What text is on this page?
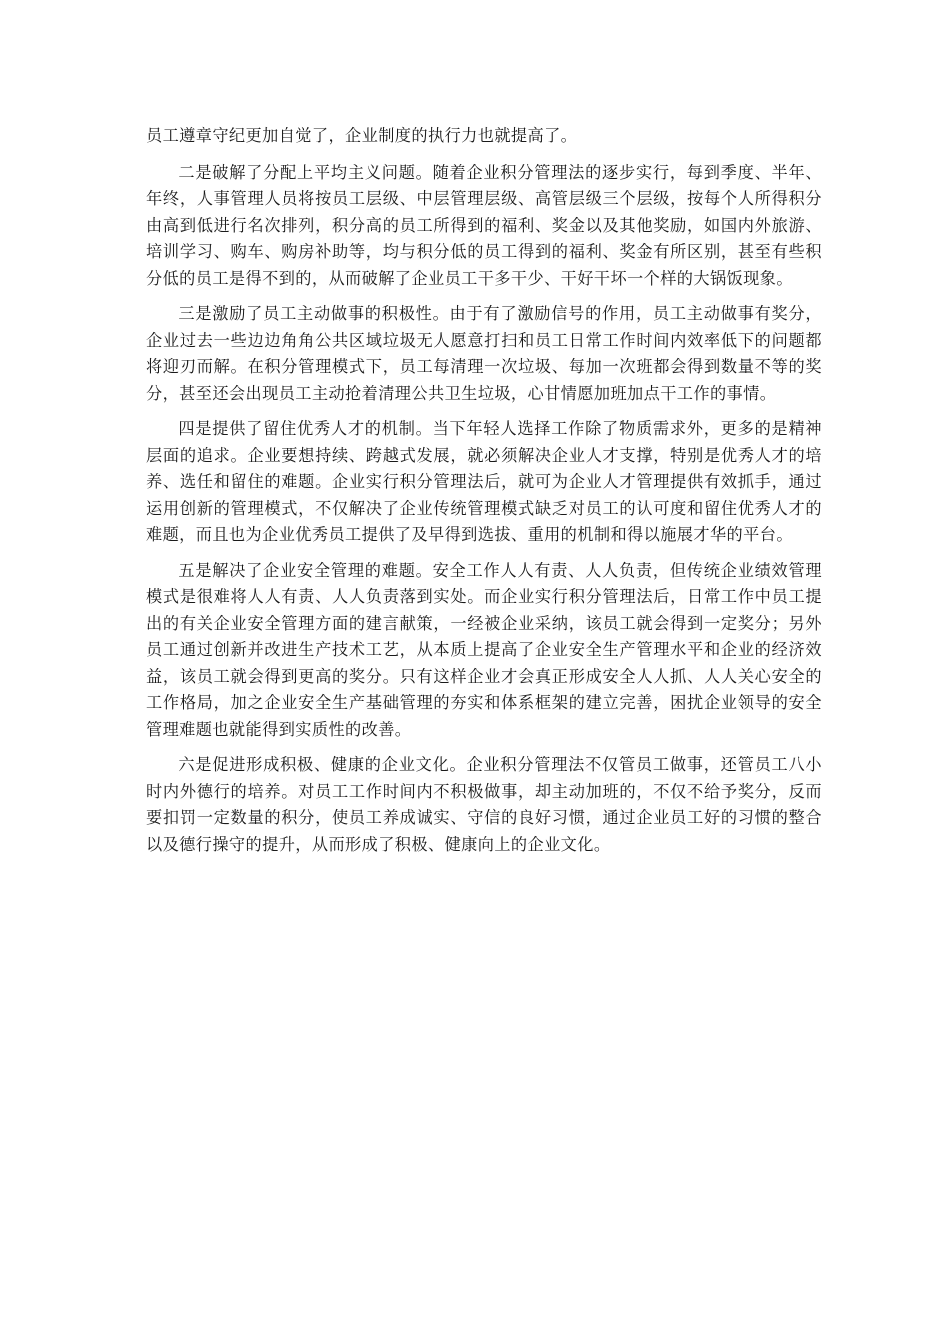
员工遵章守纪更加自觉了，企业制度的执行力也就提高了。

二是破解了分配上平均主义问题。随着企业积分管理法的逐步实行，每到季度、半年、年终，人事管理人员将按员工层级、中层管理层级、高管层级三个层级，按每个人所得积分由高到低进行名次排列，积分高的员工所得到的福利、奖金以及其他奖励，如国内外旅游、培训学习、购车、购房补助等，均与积分低的员工得到的福利、奖金有所区别，甚至有些积分低的员工是得不到的，从而破解了企业员工干多干少、干好干坏一个样的大锅饭现象。

三是激励了员工主动做事的积极性。由于有了激励信号的作用，员工主动做事有奖分，企业过去一些边边角角公共区域垃圾无人愿意打扫和员工日常工作时间内效率低下的问题都将迎刃而解。在积分管理模式下，员工每清理一次垃圾、每加一次班都会得到数量不等的奖分，甚至还会出现员工主动抢着清理公共卫生垃圾，心甘情愿加班加点干工作的事情。

四是提供了留住优秀人才的机制。当下年轻人选择工作除了物质需求外，更多的是精神层面的追求。企业要想持续、跨越式发展，就必须解决企业人才支撑，特别是优秀人才的培养、选任和留住的难题。企业实行积分管理法后，就可为企业人才管理提供有效抓手，通过运用创新的管理模式，不仅解决了企业传统管理模式缺乏对员工的认可度和留住优秀人才的难题，而且也为企业优秀员工提供了及早得到选拔、重用的机制和得以施展才华的平台。

五是解决了企业安全管理的难题。安全工作人人有责、人人负责，但传统企业绩效管理模式是很难将人人有责、人人负责落到实处。而企业实行积分管理法后，日常工作中员工提出的有关企业安全管理方面的建言献策，一经被企业采纳，该员工就会得到一定奖分；另外员工通过创新并改进生产技术工艺，从本质上提高了企业安全生产管理水平和企业的经济效益，该员工就会得到更高的奖分。只有这样企业才会真正形成安全人人抓、人人关心安全的工作格局，加之企业安全生产基础管理的夯实和体系框架的建立完善，困扰企业领导的安全管理难题也就能得到实质性的改善。

六是促进形成积极、健康的企业文化。企业积分管理法不仅管员工做事，还管员工八小时内外德行的培养。对员工工作时间内不积极做事，却主动加班的，不仅不给予奖分，反而要扣罚一定数量的积分，使员工养成诚实、守信的良好习惯，通过企业员工好的习惯的整合以及德行操守的提升，从而形成了积极、健康向上的企业文化。
